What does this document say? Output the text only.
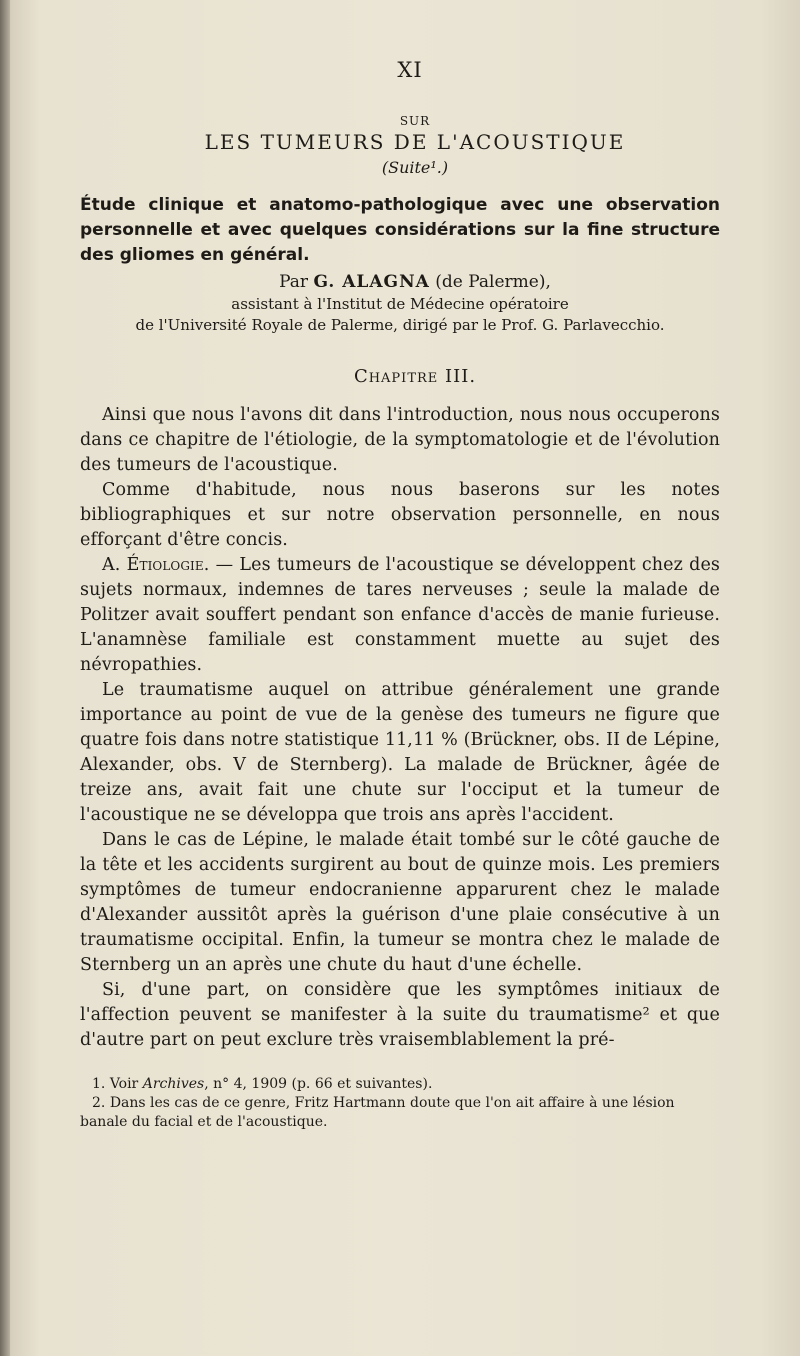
XI
SUR
LES TUMEURS DE L'ACOUSTIQUE
(Suite¹.)
Étude clinique et anatomo-pathologique avec une observation personnelle et avec quelques considérations sur la fine structure des gliomes en général.
Par G. ALAGNA (de Palerme),
assistant à l'Institut de Médecine opératoire
de l'Université Royale de Palerme, dirigé par le Prof. G. Parlavecchio.
Chapitre III.

Ainsi que nous l'avons dit dans l'introduction, nous nous occuperons dans ce chapitre de l'étiologie, de la symptomatologie et de l'évolution des tumeurs de l'acoustique.

Comme d'habitude, nous nous baserons sur les notes bibliographiques et sur notre observation personnelle, en nous efforçant d'être concis.

A. Étiologie. — Les tumeurs de l'acoustique se développent chez des sujets normaux, indemnes de tares nerveuses ; seule la malade de Politzer avait souffert pendant son enfance d'accès de manie furieuse. L'anamnèse familiale est constamment muette au sujet des névropathies.

Le traumatisme auquel on attribue généralement une grande importance au point de vue de la genèse des tumeurs ne figure que quatre fois dans notre statistique 11,11 % (Brückner, obs. II de Lépine, Alexander, obs. V de Sternberg). La malade de Brückner, âgée de treize ans, avait fait une chute sur l'occiput et la tumeur de l'acoustique ne se développa que trois ans après l'accident.

Dans le cas de Lépine, le malade était tombé sur le côté gauche de la tête et les accidents surgirent au bout de quinze mois. Les premiers symptômes de tumeur endocranienne apparurent chez le malade d'Alexander aussitôt après la guérison d'une plaie consécutive à un traumatisme occipital. Enfin, la tumeur se montra chez le malade de Sternberg un an après une chute du haut d'une échelle.

Si, d'une part, on considère que les symptômes initiaux de l'affection peuvent se manifester à la suite du traumatisme² et que d'autre part on peut exclure très vraisemblablement la pré-

1. Voir Archives, n° 4, 1909 (p. 66 et suivantes).

2. Dans les cas de ce genre, Fritz Hartmann doute que l'on ait affaire à une lésion banale du facial et de l'acoustique.
